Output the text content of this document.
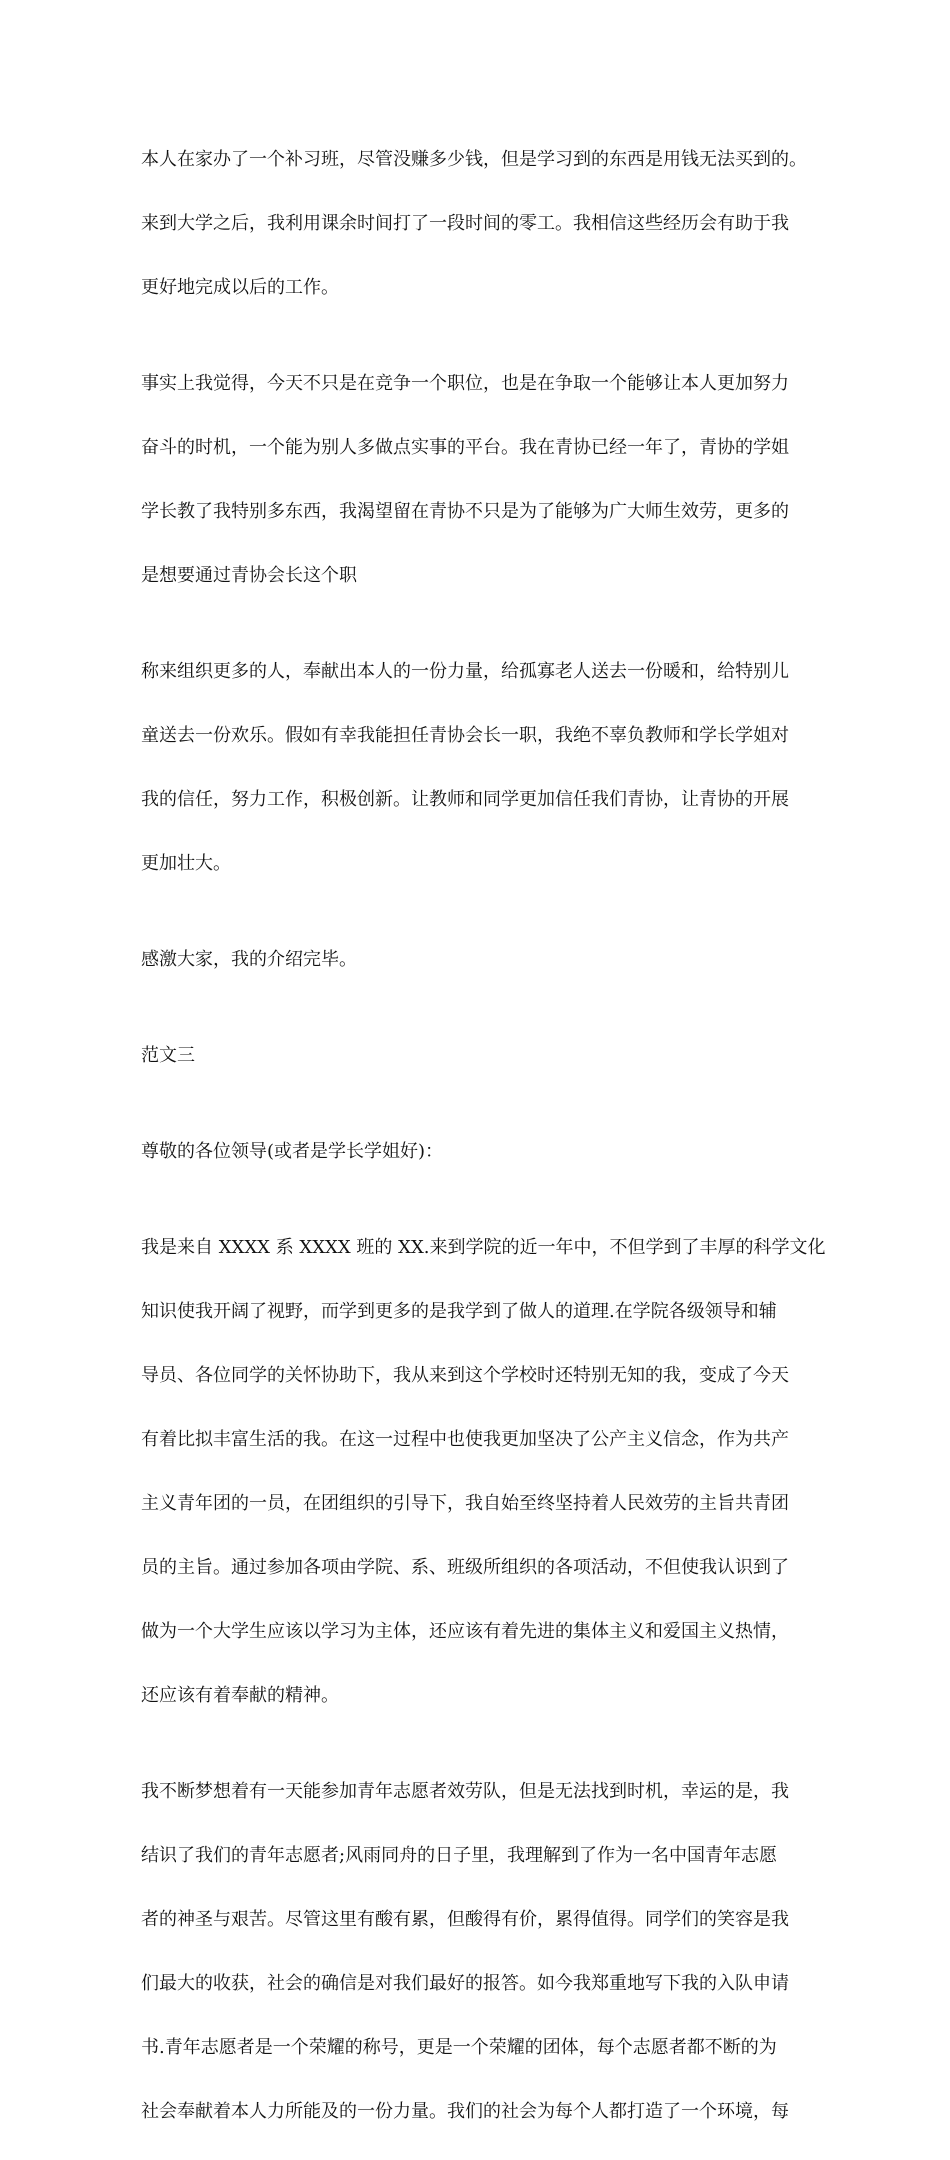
本人在家办了一个补习班，尽管没赚多少钱，但是学习到的东西是用钱无法买到的。

来到大学之后，我利用课余时间打了一段时间的零工。我相信这些经历会有助于我

更好地完成以后的工作。

事实上我觉得，今天不只是在竞争一个职位，也是在争取一个能够让本人更加努力

奋斗的时机，一个能为别人多做点实事的平台。我在青协已经一年了，青协的学姐

学长教了我特别多东西，我渴望留在青协不只是为了能够为广大师生效劳，更多的

是想要通过青协会长这个职

称来组织更多的人，奉献出本人的一份力量，给孤寡老人送去一份暖和，给特别儿

童送去一份欢乐。假如有幸我能担任青协会长一职，我绝不辜负教师和学长学姐对

我的信任，努力工作，积极创新。让教师和同学更加信任我们青协，让青协的开展

更加壮大。

感激大家，我的介绍完毕。

范文三

尊敬的各位领导(或者是学长学姐好)：

我是来自 XXXX 系 XXXX 班的 XX.来到学院的近一年中，不但学到了丰厚的科学文化

知识使我开阔了视野，而学到更多的是我学到了做人的道理.在学院各级领导和辅

导员、各位同学的关怀协助下，我从来到这个学校时还特别无知的我，变成了今天

有着比拟丰富生活的我。在这一过程中也使我更加坚决了公产主义信念，作为共产

主义青年团的一员，在团组织的引导下，我自始至终坚持着人民效劳的主旨共青团

员的主旨。通过参加各项由学院、系、班级所组织的各项活动，不但使我认识到了

做为一个大学生应该以学习为主体，还应该有着先进的集体主义和爱国主义热情，

还应该有着奉献的精神。

我不断梦想着有一天能参加青年志愿者效劳队，但是无法找到时机，幸运的是，我

结识了我们的青年志愿者;风雨同舟的日子里，我理解到了作为一名中国青年志愿

者的神圣与艰苦。尽管这里有酸有累，但酸得有价，累得值得。同学们的笑容是我

们最大的收获，社会的确信是对我们最好的报答。如今我郑重地写下我的入队申请

书.青年志愿者是一个荣耀的称号，更是一个荣耀的团体，每个志愿者都不断的为

社会奉献着本人力所能及的一份力量。我们的社会为每个人都打造了一个环境，每
